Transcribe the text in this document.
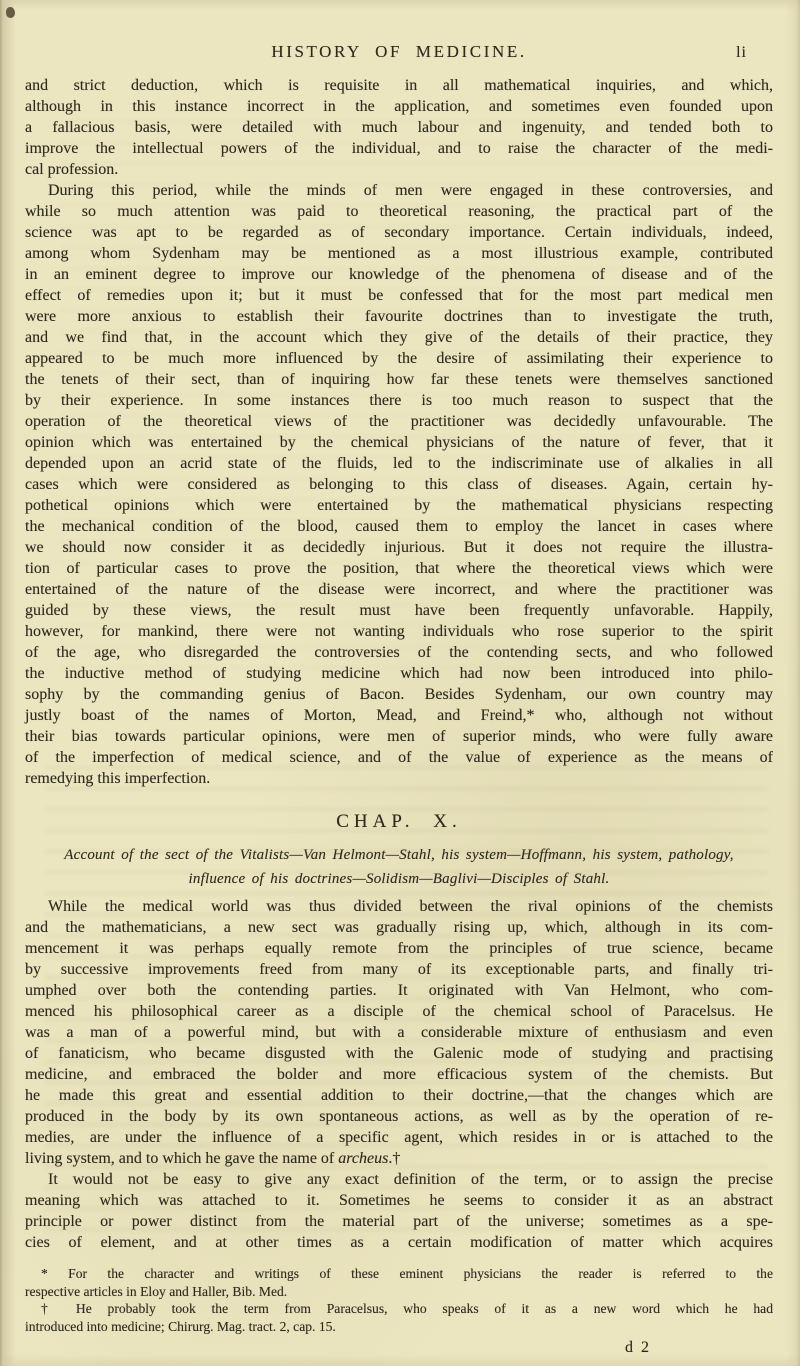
HISTORY OF MEDICINE.	li
and strict deduction, which is requisite in all mathematical inquiries, and which,
although in this instance incorrect in the application, and sometimes even founded upon
a fallacious basis, were detailed with much labour and ingenuity, and tended both to
improve the intellectual powers of the individual, and to raise the character of the medi-
cal profession.
During this period, while the minds of men were engaged in these controversies, and
while so much attention was paid to theoretical reasoning, the practical part of the
science was apt to be regarded as of secondary importance. Certain individuals, indeed,
among whom Sydenham may be mentioned as a most illustrious example, contributed
in an eminent degree to improve our knowledge of the phenomena of disease and of the
effect of remedies upon it; but it must be confessed that for the most part medical men
were more anxious to establish their favourite doctrines than to investigate the truth,
and we find that, in the account which they give of the details of their practice, they
appeared to be much more influenced by the desire of assimilating their experience to
the tenets of their sect, than of inquiring how far these tenets were themselves sanctioned
by their experience. In some instances there is too much reason to suspect that the
operation of the theoretical views of the practitioner was decidedly unfavourable. The
opinion which was entertained by the chemical physicians of the nature of fever, that it
depended upon an acrid state of the fluids, led to the indiscriminate use of alkalies in all
cases which were considered as belonging to this class of diseases. Again, certain hy-
pothetical opinions which were entertained by the mathematical physicians respecting
the mechanical condition of the blood, caused them to employ the lancet in cases where
we should now consider it as decidedly injurious. But it does not require the illustra-
tion of particular cases to prove the position, that where the theoretical views which were
entertained of the nature of the disease were incorrect, and where the practitioner was
guided by these views, the result must have been frequently unfavorable. Happily,
however, for mankind, there were not wanting individuals who rose superior to the spirit
of the age, who disregarded the controversies of the contending sects, and who followed
the inductive method of studying medicine which had now been introduced into philo-
sophy by the commanding genius of Bacon. Besides Sydenham, our own country may
justly boast of the names of Morton, Mead, and Freind,* who, although not without
their bias towards particular opinions, were men of superior minds, who were fully aware
of the imperfection of medical science, and of the value of experience as the means of
remedying this imperfection.
CHAP. X.
Account of the sect of the Vitalists—Van Helmont—Stahl, his system—Hoffmann, his system, pathology,
influence of his doctrines—Solidism—Baglivi—Disciples of Stahl.
While the medical world was thus divided between the rival opinions of the chemists
and the mathematicians, a new sect was gradually rising up, which, although in its com-
mencement it was perhaps equally remote from the principles of true science, became
by successive improvements freed from many of its exceptionable parts, and finally tri-
umphed over both the contending parties. It originated with Van Helmont, who com-
menced his philosophical career as a disciple of the chemical school of Paracelsus. He
was a man of a powerful mind, but with a considerable mixture of enthusiasm and even
of fanaticism, who became disgusted with the Galenic mode of studying and practising
medicine, and embraced the bolder and more efficacious system of the chemists. But
he made this great and essential addition to their doctrine,—that the changes which are
produced in the body by its own spontaneous actions, as well as by the operation of re-
medies, are under the influence of a specific agent, which resides in or is attached to the
living system, and to which he gave the name of archeus.†
It would not be easy to give any exact definition of the term, or to assign the precise
meaning which was attached to it. Sometimes he seems to consider it as an abstract
principle or power distinct from the material part of the universe; sometimes as a spe-
cies of element, and at other times as a certain modification of matter which acquires
* For the character and writings of these eminent physicians the reader is referred to the
respective articles in Eloy and Haller, Bib. Med.
† He probably took the term from Paracelsus, who speaks of it as a new word which he had
introduced into medicine; Chirurg. Mag. tract. 2, cap. 15.
d 2
